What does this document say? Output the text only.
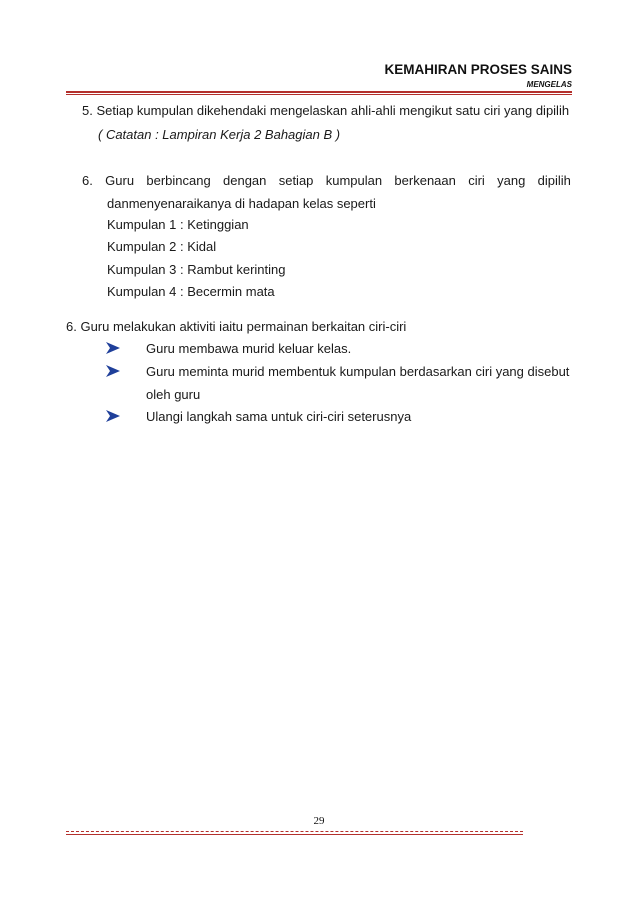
KEMAHIRAN PROSES SAINS
MENGELAS
5. Setiap kumpulan dikehendaki mengelaskan ahli-ahli mengikut satu ciri yang dipilih
( Catatan : Lampiran Kerja 2 Bahagian B )
6. Guru berbincang dengan setiap kumpulan berkenaan ciri yang dipilih
danmenyenaraikanya di hadapan kelas seperti
Kumpulan 1 : Ketinggian
Kumpulan 2 : Kidal
Kumpulan 3 : Rambut kerinting
Kumpulan 4 : Becermin mata
6. Guru melakukan aktiviti iaitu permainan berkaitan ciri-ciri
Guru membawa murid keluar kelas.
Guru meminta murid membentuk kumpulan berdasarkan ciri yang disebut
oleh guru
Ulangi langkah sama untuk ciri-ciri seterusnya
29
